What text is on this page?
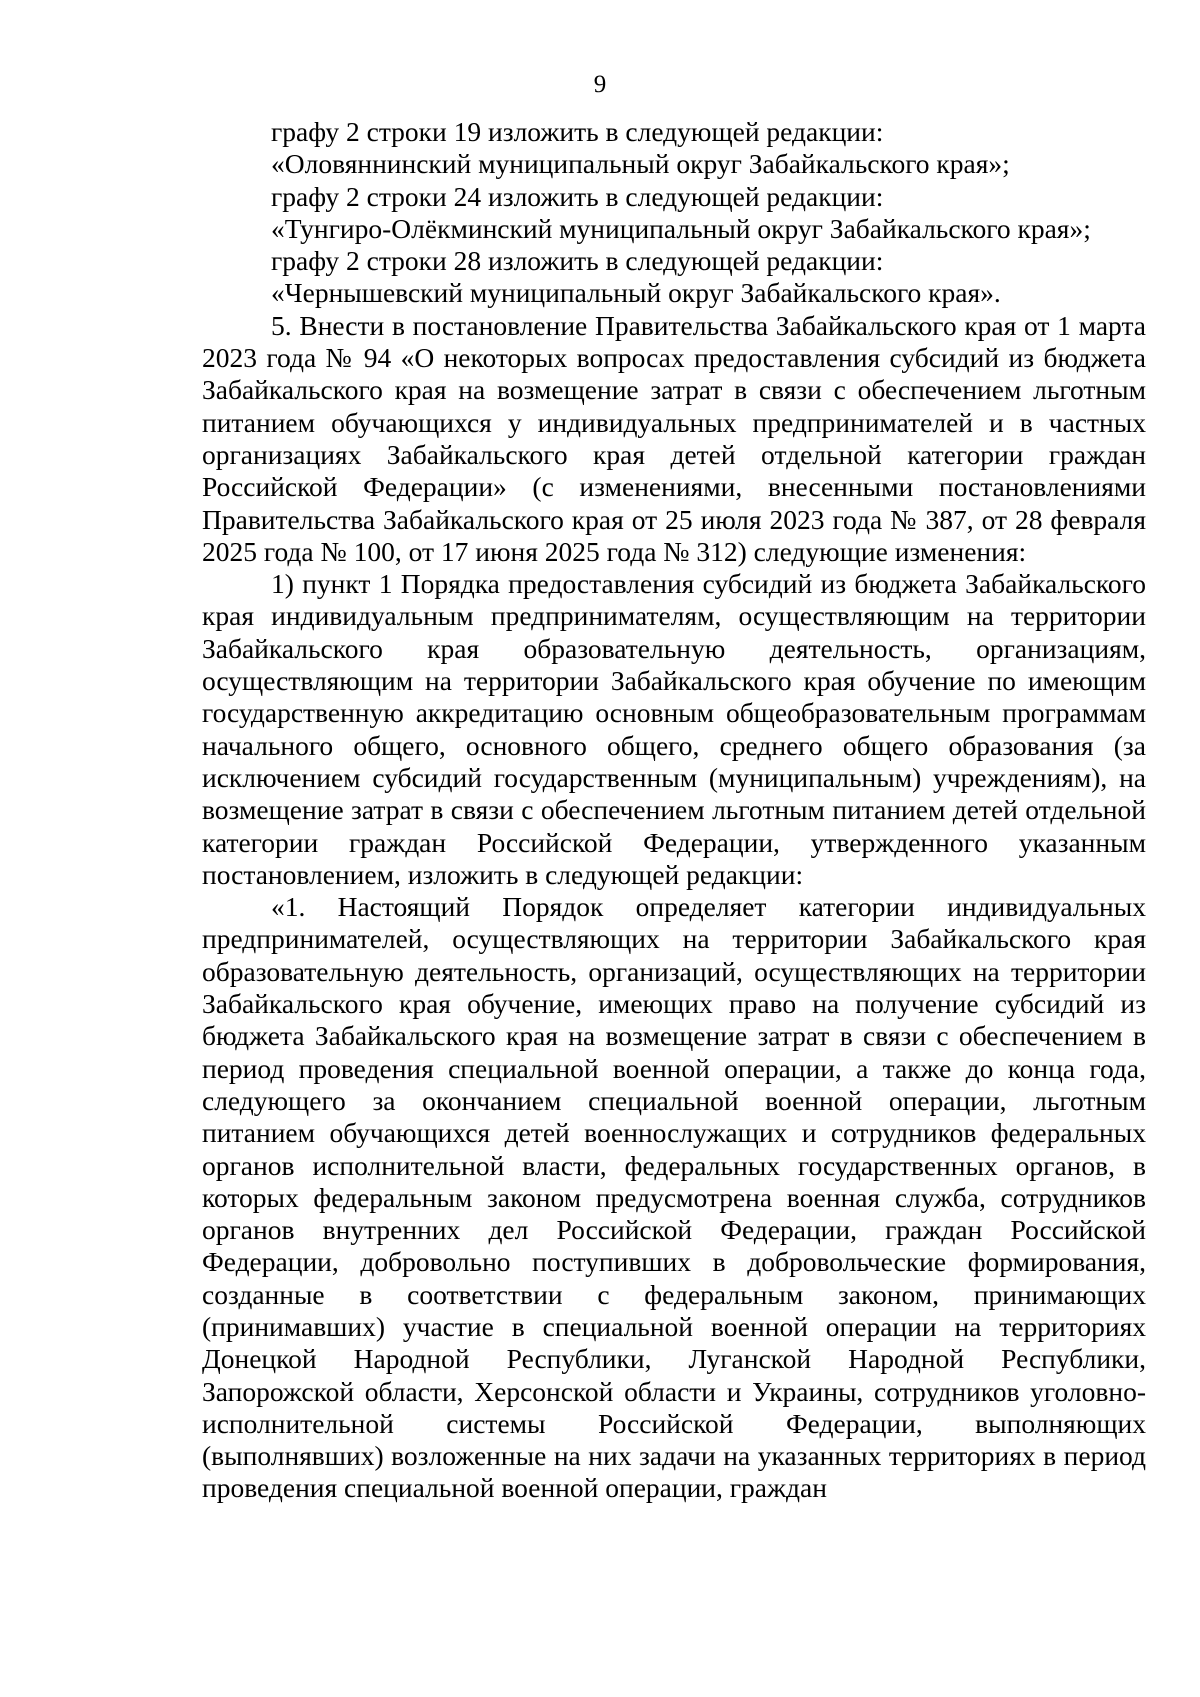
9

графу 2 строки 19 изложить в следующей редакции:

«Оловяннинский муниципальный округ Забайкальского края»;

графу 2 строки 24 изложить в следующей редакции:

«Тунгиро-Олёкминский муниципальный округ Забайкальского края»;

графу 2 строки 28 изложить в следующей редакции:

«Чернышевский муниципальный округ Забайкальского края».

5. Внести в постановление Правительства Забайкальского края от 1 марта 2023 года № 94 «О некоторых вопросах предоставления субсидий из бюджета Забайкальского края на возмещение затрат в связи с обеспечением льготным питанием обучающихся у индивидуальных предпринимателей и в частных организациях Забайкальского края детей отдельной категории граждан Российской Федерации» (с изменениями, внесенными постановлениями Правительства Забайкальского края от 25 июля 2023 года № 387, от 28 февраля 2025 года № 100, от 17 июня 2025 года № 312) следующие изменения:

1) пункт 1 Порядка предоставления субсидий из бюджета Забайкальского края индивидуальным предпринимателям, осуществляющим на территории Забайкальского края образовательную деятельность, организациям, осуществляющим на территории Забайкальского края обучение по имеющим государственную аккредитацию основным общеобразовательным программам начального общего, основного общего, среднего общего образования (за исключением субсидий государственным (муниципальным) учреждениям), на возмещение затрат в связи с обеспечением льготным питанием детей отдельной категории граждан Российской Федерации, утвержденного указанным постановлением, изложить в следующей редакции:

«1. Настоящий Порядок определяет категории индивидуальных предпринимателей, осуществляющих на территории Забайкальского края образовательную деятельность, организаций, осуществляющих на территории Забайкальского края обучение, имеющих право на получение субсидий из бюджета Забайкальского края на возмещение затрат в связи с обеспечением в период проведения специальной военной операции, а также до конца года, следующего за окончанием специальной военной операции, льготным питанием обучающихся детей военнослужащих и сотрудников федеральных органов исполнительной власти, федеральных государственных органов, в которых федеральным законом предусмотрена военная служба, сотрудников органов внутренних дел Российской Федерации, граждан Российской Федерации, добровольно поступивших в добровольческие формирования, созданные в соответствии с федеральным законом, принимающих (принимавших) участие в специальной военной операции на территориях Донецкой Народной Республики, Луганской Народной Республики, Запорожской области, Херсонской области и Украины, сотрудников уголовно-исполнительной системы Российской Федерации, выполняющих (выполнявших) возложенные на них задачи на указанных территориях в период проведения специальной военной операции, граждан
